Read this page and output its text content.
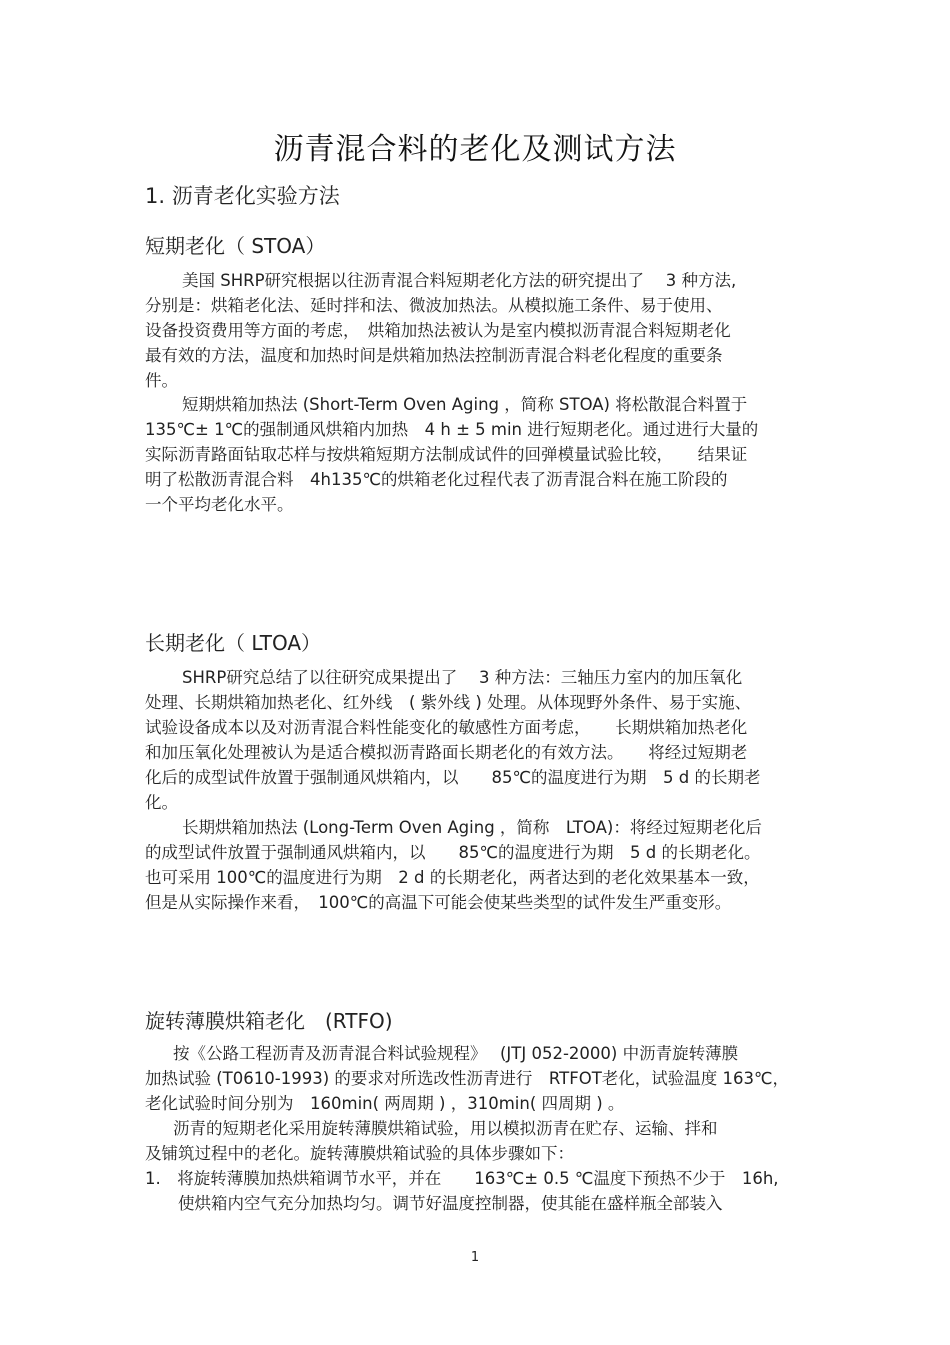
沥青混合料的老化及测试方法
1. 沥青老化实验方法
短期老化（ STOA）
美国 SHRP研究根据以往沥青混合料短期老化方法的研究提出了　 3 种方法,
分别是：烘箱老化法、延时拌和法、微波加热法。从模拟施工条件、易于使用、
设备投资费用等方面的考虑，　烘箱加热法被认为是室内模拟沥青混合料短期老化
最有效的方法，温度和加热时间是烘箱加热法控制沥青混合料老化程度的重要条
件。
短期烘箱加热法 (Short-Term Oven Aging ，简称 STOA) 将松散混合料置于
135℃± 1℃的强制通风烘箱内加热　4 h ± 5 min 进行短期老化。通过进行大量的
实际沥青路面钻取芯样与按烘箱短期方法制成试件的回弹模量试验比较，　　结果证
明了松散沥青混合料　4h135℃的烘箱老化过程代表了沥青混合料在施工阶段的
一个平均老化水平。
长期老化（ LTOA）
SHRP研究总结了以往研究成果提出了　 3 种方法：三轴压力室内的加压氧化
处理、长期烘箱加热老化、红外线　( 紫外线 ) 处理。从体现野外条件、易于实施、
试验设备成本以及对沥青混合料性能变化的敏感性方面考虑，　　长期烘箱加热老化
和加压氧化处理被认为是适合模拟沥青路面长期老化的有效方法。　　将经过短期老
化后的成型试件放置于强制通风烘箱内，以　　85℃的温度进行为期　5 d 的长期老
化。
长期烘箱加热法 (Long-Term Oven Aging ，简称　LTOA)：将经过短期老化后
的成型试件放置于强制通风烘箱内，以　　85℃的温度进行为期　5 d 的长期老化。
也可采用 100℃的温度进行为期　2 d 的长期老化，两者达到的老化效果基本一致，
但是从实际操作来看，　100℃的高温下可能会使某些类型的试件发生严重变形。
旋转薄膜烘箱老化　(RTFO)
按《公路工程沥青及沥青混合料试验规程》　 (JTJ 052-2000) 中沥青旋转薄膜
加热试验 (T0610-1993) 的要求对所选改性沥青进行　RTFOT老化，试验温度 163℃，
老化试验时间分别为　160min( 两周期 ) ，310min( 四周期 ) 。
沥青的短期老化采用旋转薄膜烘箱试验，用以模拟沥青在贮存、运输、拌和
及铺筑过程中的老化。旋转薄膜烘箱试验的具体步骤如下：
1.　将旋转薄膜加热烘箱调节水平，并在　　163℃± 0.5 ℃温度下预热不少于　16h,
　　使烘箱内空气充分加热均匀。调节好温度控制器，使其能在盛样瓶全部装入
1
